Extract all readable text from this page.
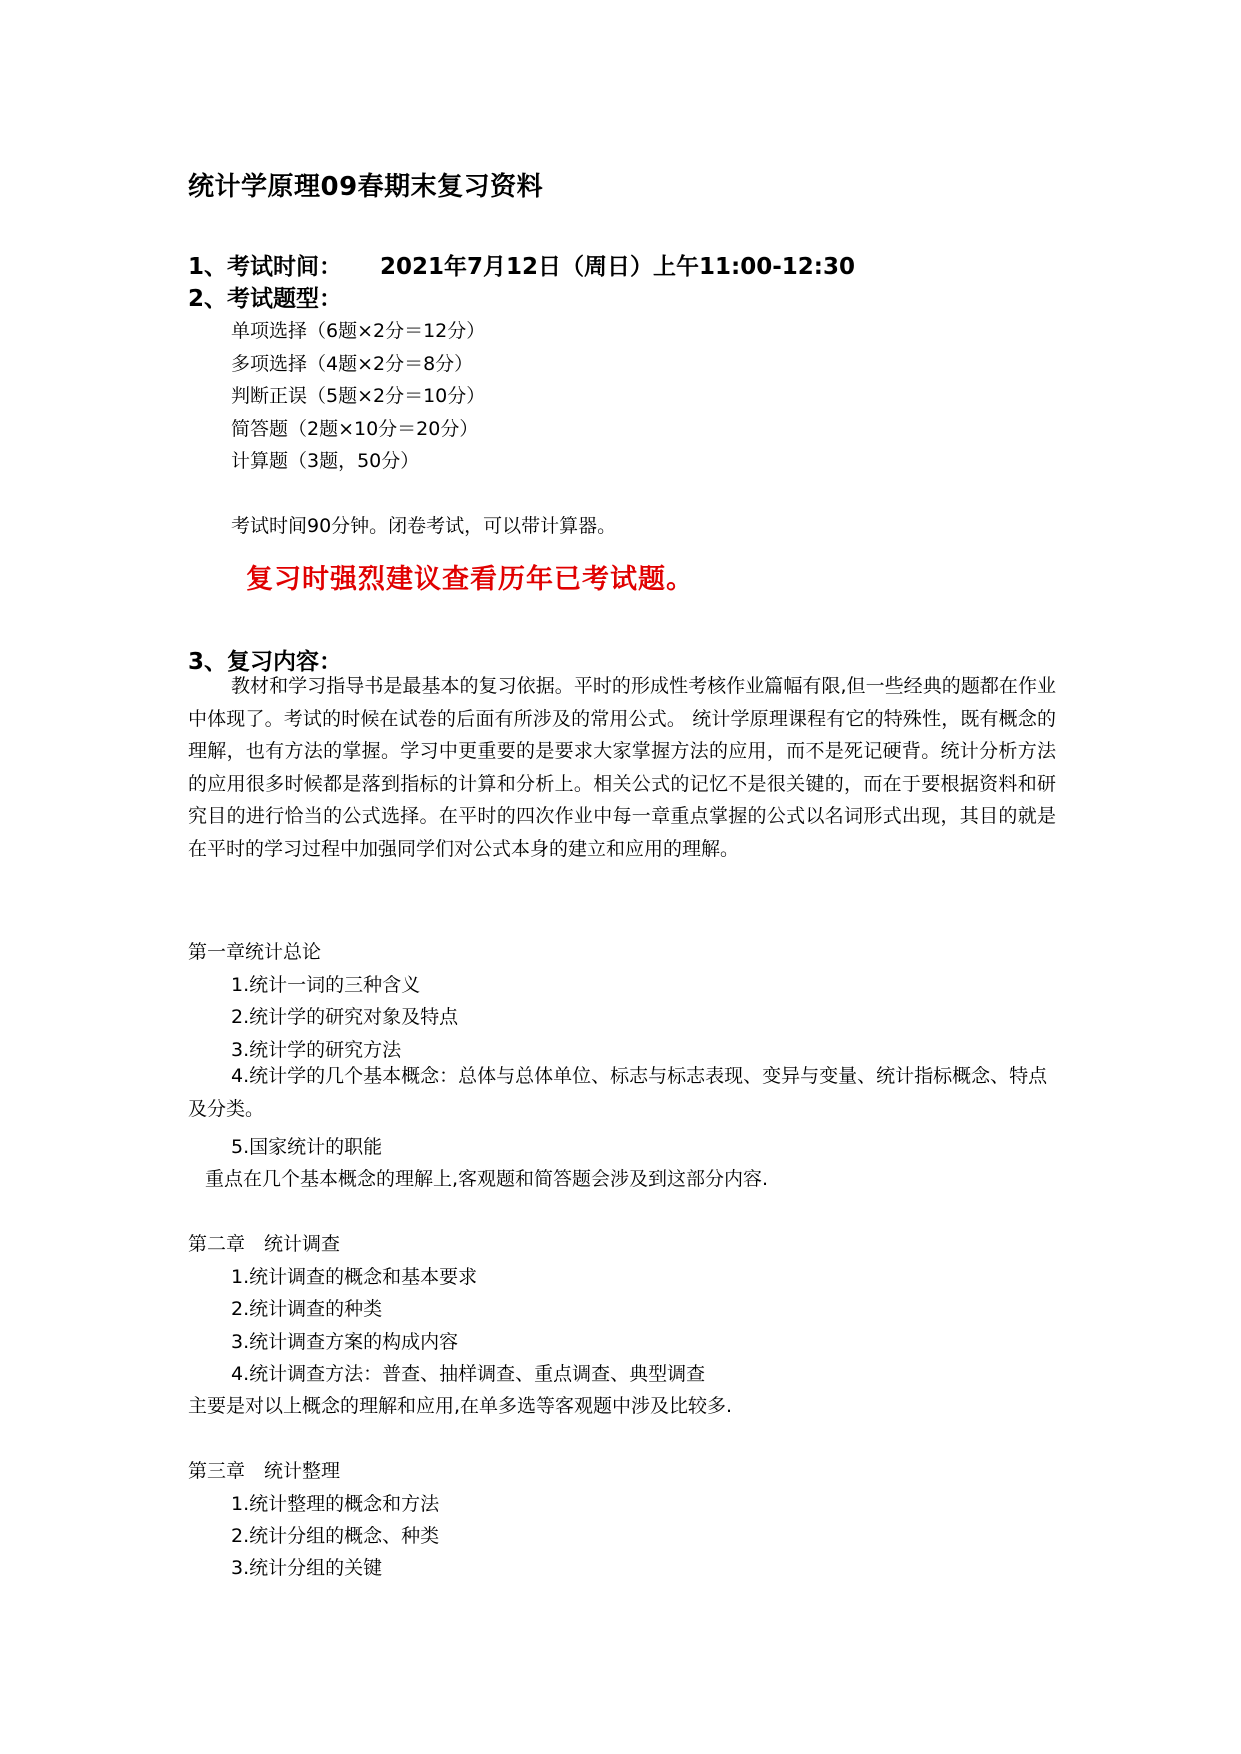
统计学原理09春期末复习资料
1、考试时间： 2021年7月12日（周日）上午11:00-12:30
2、考试题型：
单项选择（6题×2分＝12分）
多项选择（4题×2分＝8分）
判断正误（5题×2分＝10分）
简答题（2题×10分＝20分）
计算题（3题，50分）
考试时间90分钟。闭卷考试，可以带计算器。
复习时强烈建议查看历年已考试题。
3、复习内容：
教材和学习指导书是最基本的复习依据。平时的形成性考核作业篇幅有限,但一些经典的题都在作业中体现了。考试的时候在试卷的后面有所涉及的常用公式。 统计学原理课程有它的特殊性，既有概念的理解，也有方法的掌握。学习中更重要的是要求大家掌握方法的应用，而不是死记硬背。统计分析方法的应用很多时候都是落到指标的计算和分析上。相关公式的记忆不是很关键的，而在于要根据资料和研究目的进行恰当的公式选择。在平时的四次作业中每一章重点掌握的公式以名词形式出现，其目的就是在平时的学习过程中加强同学们对公式本身的建立和应用的理解。
第一章统计总论
1.统计一词的三种含义
2.统计学的研究对象及特点
3.统计学的研究方法
4.统计学的几个基本概念：总体与总体单位、标志与标志表现、变异与变量、统计指标概念、特点及分类。
5.国家统计的职能
重点在几个基本概念的理解上,客观题和简答题会涉及到这部分内容.
第二章　统计调查
1.统计调查的概念和基本要求
2.统计调查的种类
3.统计调查方案的构成内容
4.统计调查方法：普查、抽样调查、重点调查、典型调查
主要是对以上概念的理解和应用,在单多选等客观题中涉及比较多.
第三章　统计整理
1.统计整理的概念和方法
2.统计分组的概念、种类
3.统计分组的关键
